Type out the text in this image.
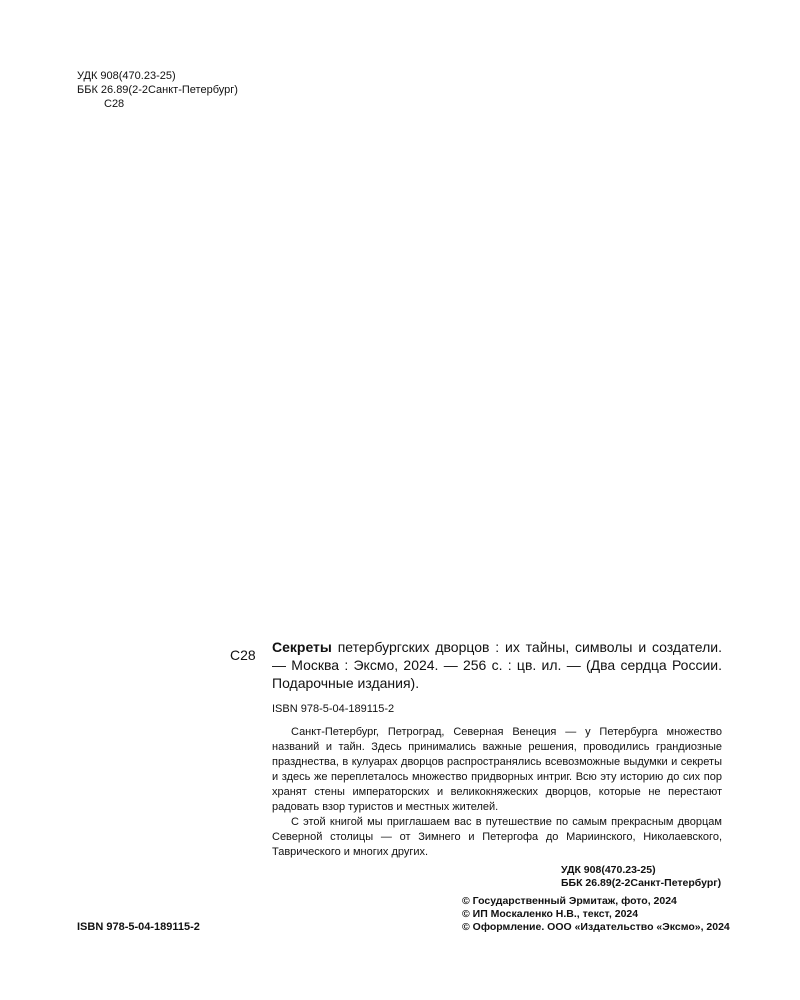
УДК 908(470.23-25)
ББК 26.89(2-2Санкт-Петербург)
С28
С28 Секреты петербургских дворцов : их тайны, символы и создатели. — Москва : Эксмо, 2024. — 256 с. : цв. ил. — (Два сердца России. Подарочные издания).

ISBN 978-5-04-189115-2

Санкт-Петербург, Петроград, Северная Венеция — у Петербурга множество названий и тайн. Здесь принимались важные решения, проводились грандиозные празднества, в кулуарах дворцов распространялись всевозможные выдумки и секреты и здесь же переплеталось множество придворных интриг. Всю эту историю до сих пор хранят стены императорских и великокняжеских дворцов, которые не перестают радовать взор туристов и местных жителей.

С этой книгой мы приглашаем вас в путешествие по самым прекрасным дворцам Северной столицы — от Зимнего и Петергофа до Мариинского, Николаевского, Таврического и многих других.

УДК 908(470.23-25)
ББК 26.89(2-2Санкт-Петербург)
ISBN 978-5-04-189115-2
© Государственный Эрмитаж, фото, 2024
© ИП Москаленко Н.В., текст, 2024
© Оформление. ООО «Издательство «Эксмо», 2024
